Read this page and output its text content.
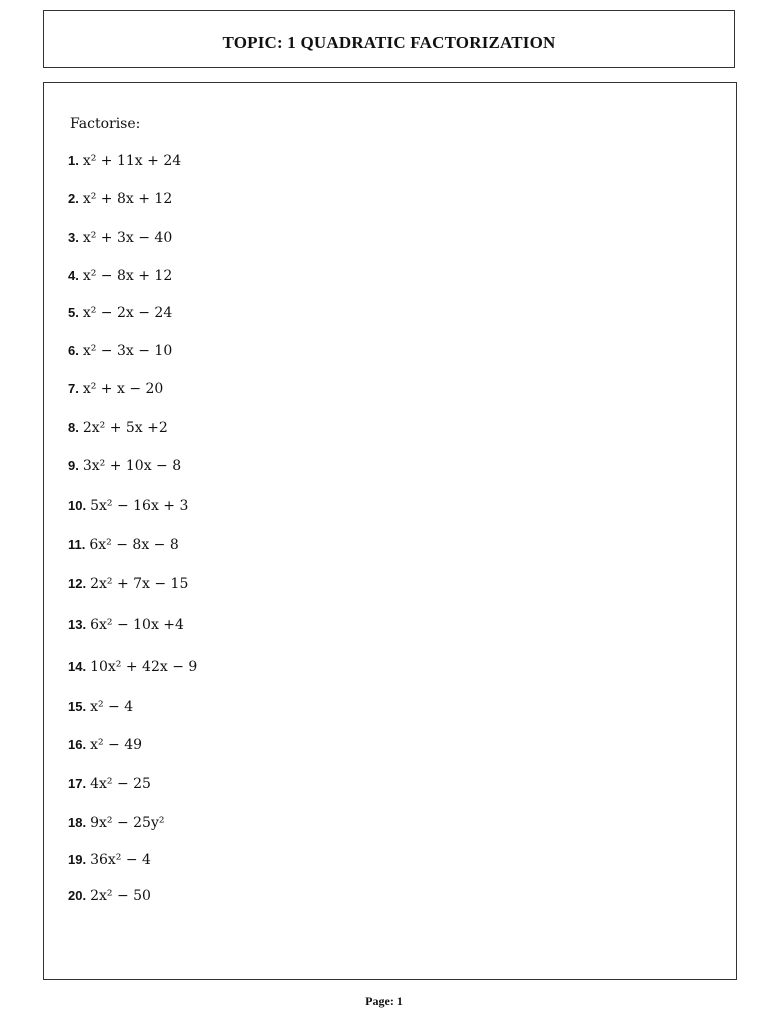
TOPIC: 1 QUADRATIC FACTORIZATION
Factorise:
1. x² + 11x + 24
2. x² + 8x + 12
3. x² + 3x − 40
4. x² − 8x + 12
5. x² − 2x − 24
6. x² − 3x − 10
7. x² + x − 20
8. 2x² + 5x +2
9. 3x² + 10x − 8
10. 5x² − 16x + 3
11. 6x² − 8x − 8
12. 2x² + 7x − 15
13. 6x² − 10x +4
14. 10x² + 42x − 9
15. x² − 4
16. x² − 49
17. 4x² − 25
18. 9x² − 25y²
19. 36x² − 4
20. 2x² − 50
Page: 1
